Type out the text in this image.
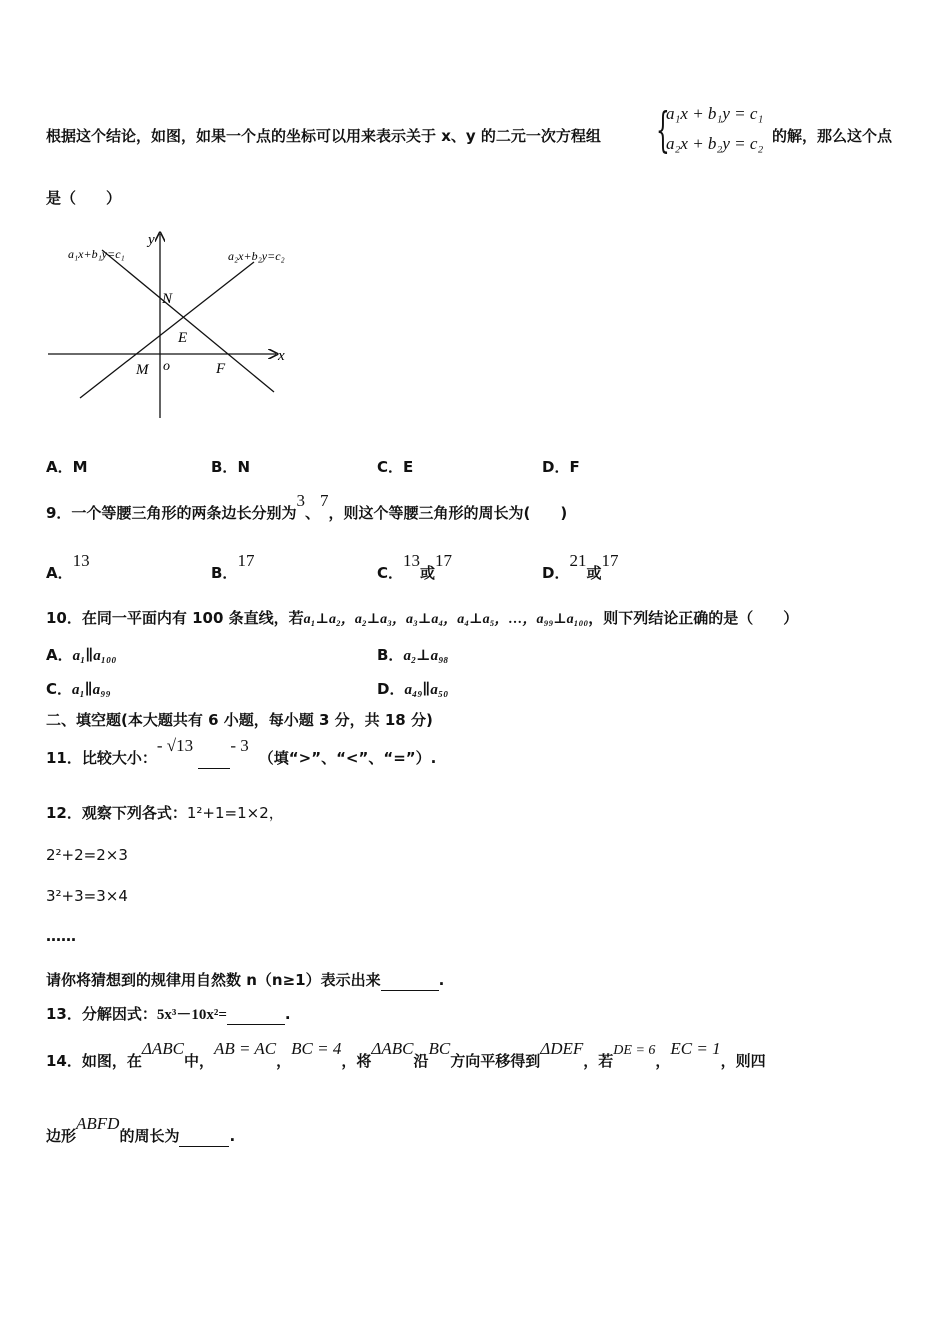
根据这个结论，如图，如果一个点的坐标可以用来表示关于 x、y 的二元一次方程组 {
a₁x + b₁y = c₁
a₂x + b₂y = c₂ 的解，那么这个点
是（　　）
a₁x+b₁y=c₁	a₂x+b₂y=c₂
y
x
o
N
E
M	F
A．M	B．N	C．E	D．F
9．一个等腰三角形的两条边长分别为3、7，则这个等腰三角形的周长为(　　)
A．13
B．17
C．13或17
D．21或17
10．在同一平面内有 100 条直线，若a₁⊥a₂，a₂⊥a₃，a₃⊥a₄，a₄⊥a₅，…，a₉₉⊥a₁₀₀，则下列结论正确的是（　　）
A．a₁∥a₁₀₀	B．a₂⊥a₉₈
C．a₁∥a₉₉	D．a₄₉∥a₅₀
二、填空题(本大题共有 6 小题，每小题 3 分，共 18 分)
11．比较大小：- √13 - 3（填“>”、“<”、“=”）.
12．观察下列各式：1²+1=1×2，
2²+2=2×3
3²+3=3×4
……
请你将猜想到的规律用自然数 n（n≥1）表示出来	.
13．分解因式：5x³－10x²=	.
14．如图，在ΔABC中，AB = AC，BC = 4，将ΔABC沿BC方向平移得到ΔDEF，若DE = 6，EC = 1，则四
边形ABFD的周长为	.
